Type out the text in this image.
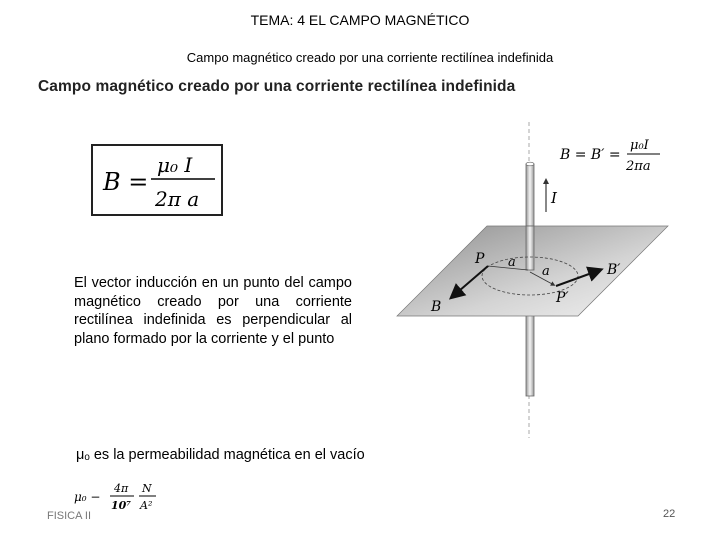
TEMA: 4 EL CAMPO MAGNÉTICO
Campo magnético creado por una corriente rectilínea indefinida
Campo magnético creado por una corriente rectilínea indefinida
B =
μ₀ I
2π a
El vector inducción en un punto del campo magnético creado por una corriente rectilínea indefinida es perpendicular al plano formado por la corriente y el punto
μₒ es la permeabilidad magnética en el vacío
μ₀ −
4π
10⁷
N
A²
I
P a
a
P′
B
B′
B = B′ =
μ₀I
2πa
FISICA II	22
